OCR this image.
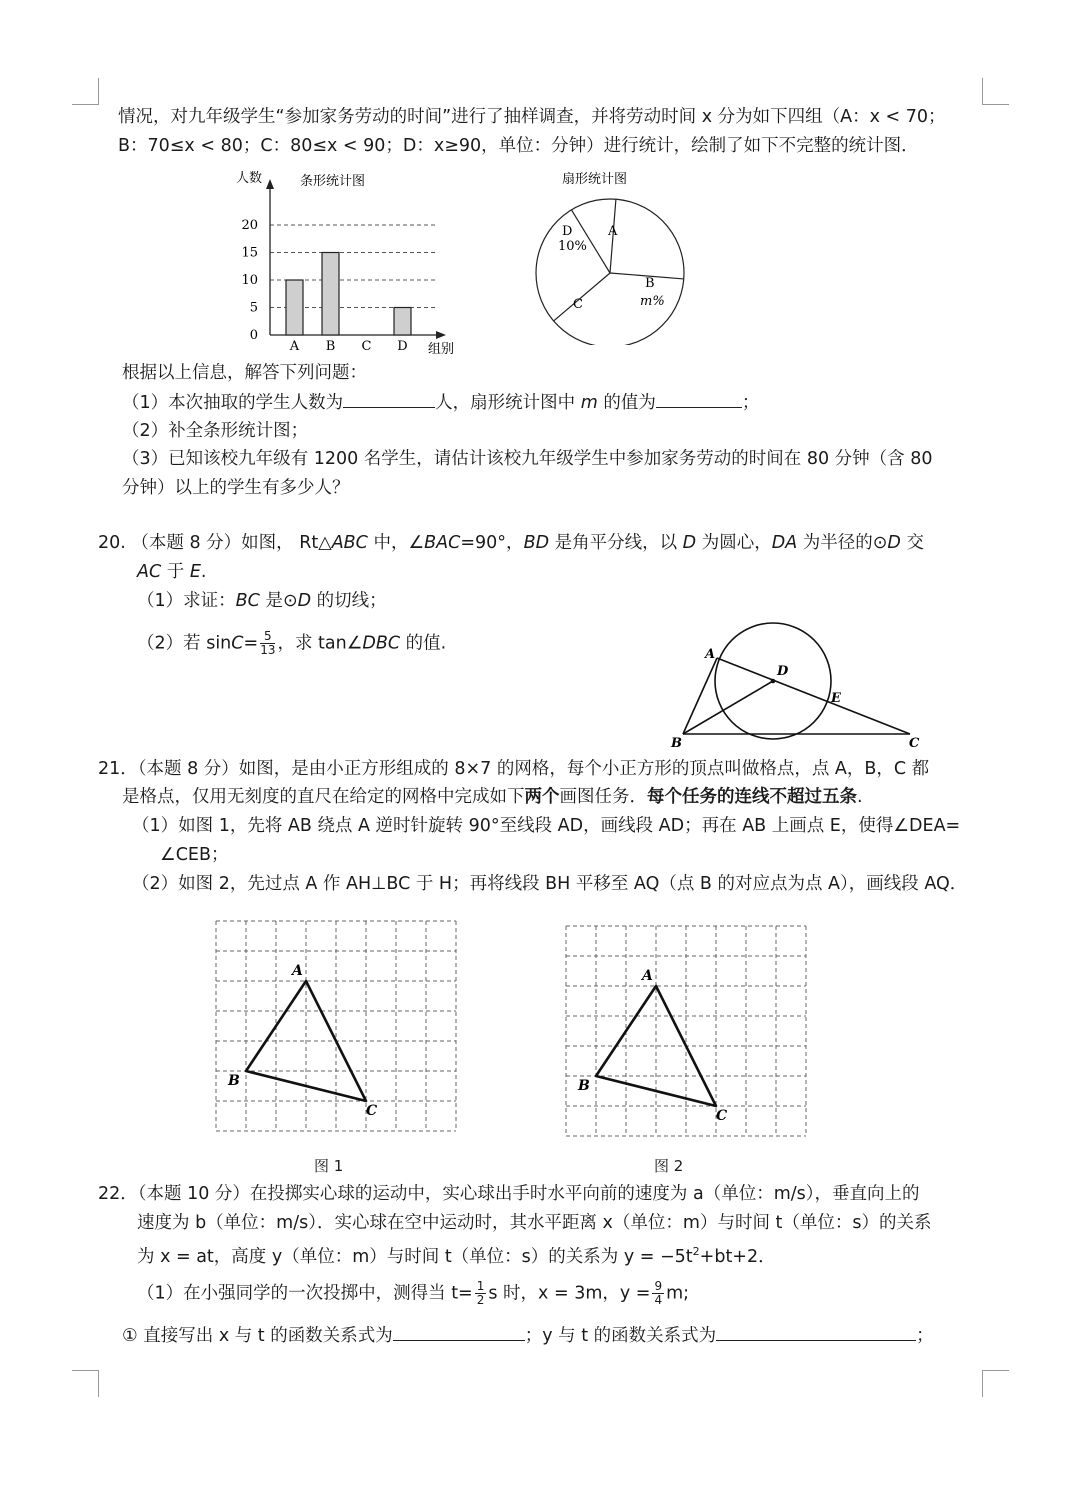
情况，对九年级学生“参加家务劳动的时间”进行了抽样调查，并将劳动时间 x 分为如下四组（A：x < 70；
B：70≤x < 80；C：80≤x < 90；D：x≥90，单位：分钟）进行统计，绘制了如下不完整的统计图．
人数	条形统计图
0
5
10
15
20
A B C D 组别
扇形统计图
A
D
10%
B
m%
C
根据以上信息，解答下列问题：
（1）本次抽取的学生人数为	人，扇形统计图中 m 的值为	；
（2）补全条形统计图；
（3）已知该校九年级有 1200 名学生，请估计该校九年级学生中参加家务劳动的时间在 80 分钟（含 80
分钟）以上的学生有多少人？
20. （本题 8 分）如图， Rt△ABC 中，∠BAC=90°，BD 是角平分线，以 D 为圆心，DA 为半径的⊙D 交
AC 于 E.
（1）求证：BC 是⊙D 的切线；
（2）若 $\sin C= \frac{5}{13}$ ，求 tan∠DBC 的值.
A
D
E
B	C
21．（本题 8 分）如图，是由小正方形组成的 8×7 的网格，每个小正方形的顶点叫做格点，点 A，B，C 都
是格点，仅用无刻度的直尺在给定的网格中完成如下两个画图任务．每个任务的连线不超过五条.
（1）如图 1，先将 AB 绕点 A 逆时针旋转 90°至线段 AD，画线段 AD；再在 AB 上画点 E，使得∠DEA=
∠CEB；
（2）如图 2，先过点 A 作 AH⊥BC 于 H；再将线段 BH 平移至 AQ（点 B 的对应点为点 A），画线段 AQ．
A
B
C
图 1
A
B
C
图 2
22．（本题 10 分）在投掷实心球的运动中，实心球出手时水平向前的速度为 a（单位：m/s），垂直向上的
速度为 b（单位：m/s）．实心球在空中运动时，其水平距离 x（单位：m）与时间 t（单位：s）的关系
为 x = at，高度 y（单位：m）与时间 t（单位：s）的关系为 $y = -5t^2+bt+2$．
（1）在小强同学的一次投掷中，测得当 $t= \frac{1}{2}$ s 时，x = 3m，$y = \frac{9}{4} m$;
① 直接写出 x 与 t 的函数关系式为	；y 与 t 的函数关系式为	；
